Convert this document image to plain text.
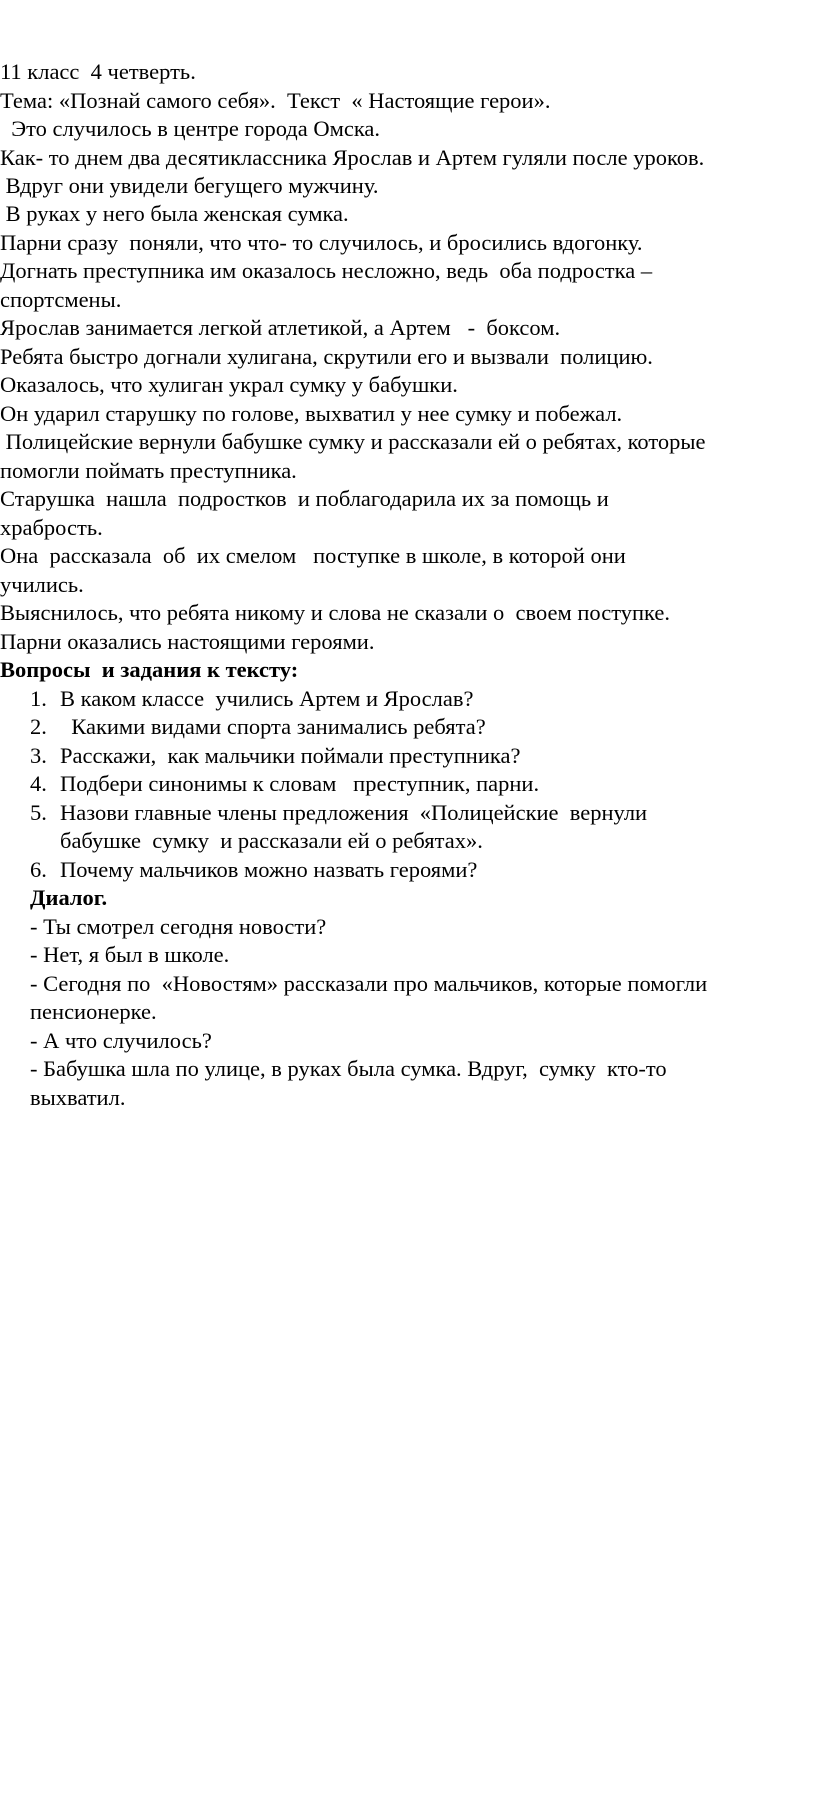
11 класс  4 четверть.

Тема: «Познай самого себя».  Текст  « Настоящие герои».

Это случилось в центре города Омска.

Как- то днем два десятиклассника Ярослав и Артем гуляли после уроков.

Вдруг они увидели бегущего мужчину.

В руках у него была женская сумка.

Парни сразу  поняли, что что- то случилось, и бросились вдогонку.

Догнать преступника им оказалось несложно, ведь  оба подростка –

спортсмены.

Ярослав занимается легкой атлетикой, а Артем   -  боксом.

Ребята быстро догнали хулигана, скрутили его и вызвали  полицию.

Оказалось, что хулиган украл сумку у бабушки.

Он ударил старушку по голове, выхватил у нее сумку и побежал.

Полицейские вернули бабушке сумку и рассказали ей о ребятах, которые

помогли поймать преступника.

Старушка  нашла  подростков  и поблагодарила их за помощь и

храбрость.

Она  рассказала  об  их смелом   поступке в школе, в которой они

учились.

Выяснилось, что ребята никому и слова не сказали о  своем поступке.

Парни оказались настоящими героями.

Вопросы  и задания к тексту:

1.

В каком классе  учились Артем и Ярослав?

2.

Какими видами спорта занимались ребята?

3.

Расскажи,  как мальчики поймали преступника?

4.

Подбери синонимы к словам   преступник, парни.

5.

Назови главные члены предложения  «Полицейские  вернули

бабушке  сумку  и рассказали ей о ребятах».

6.

Почему мальчиков можно назвать героями?

Диалог.

- Ты смотрел сегодня новости?

- Нет, я был в школе.

- Сегодня по  «Новостям» рассказали про мальчиков, которые помогли

пенсионерке.

- А что случилось?

- Бабушка шла по улице, в руках была сумка. Вдруг,  сумку  кто-то

выхватил.
